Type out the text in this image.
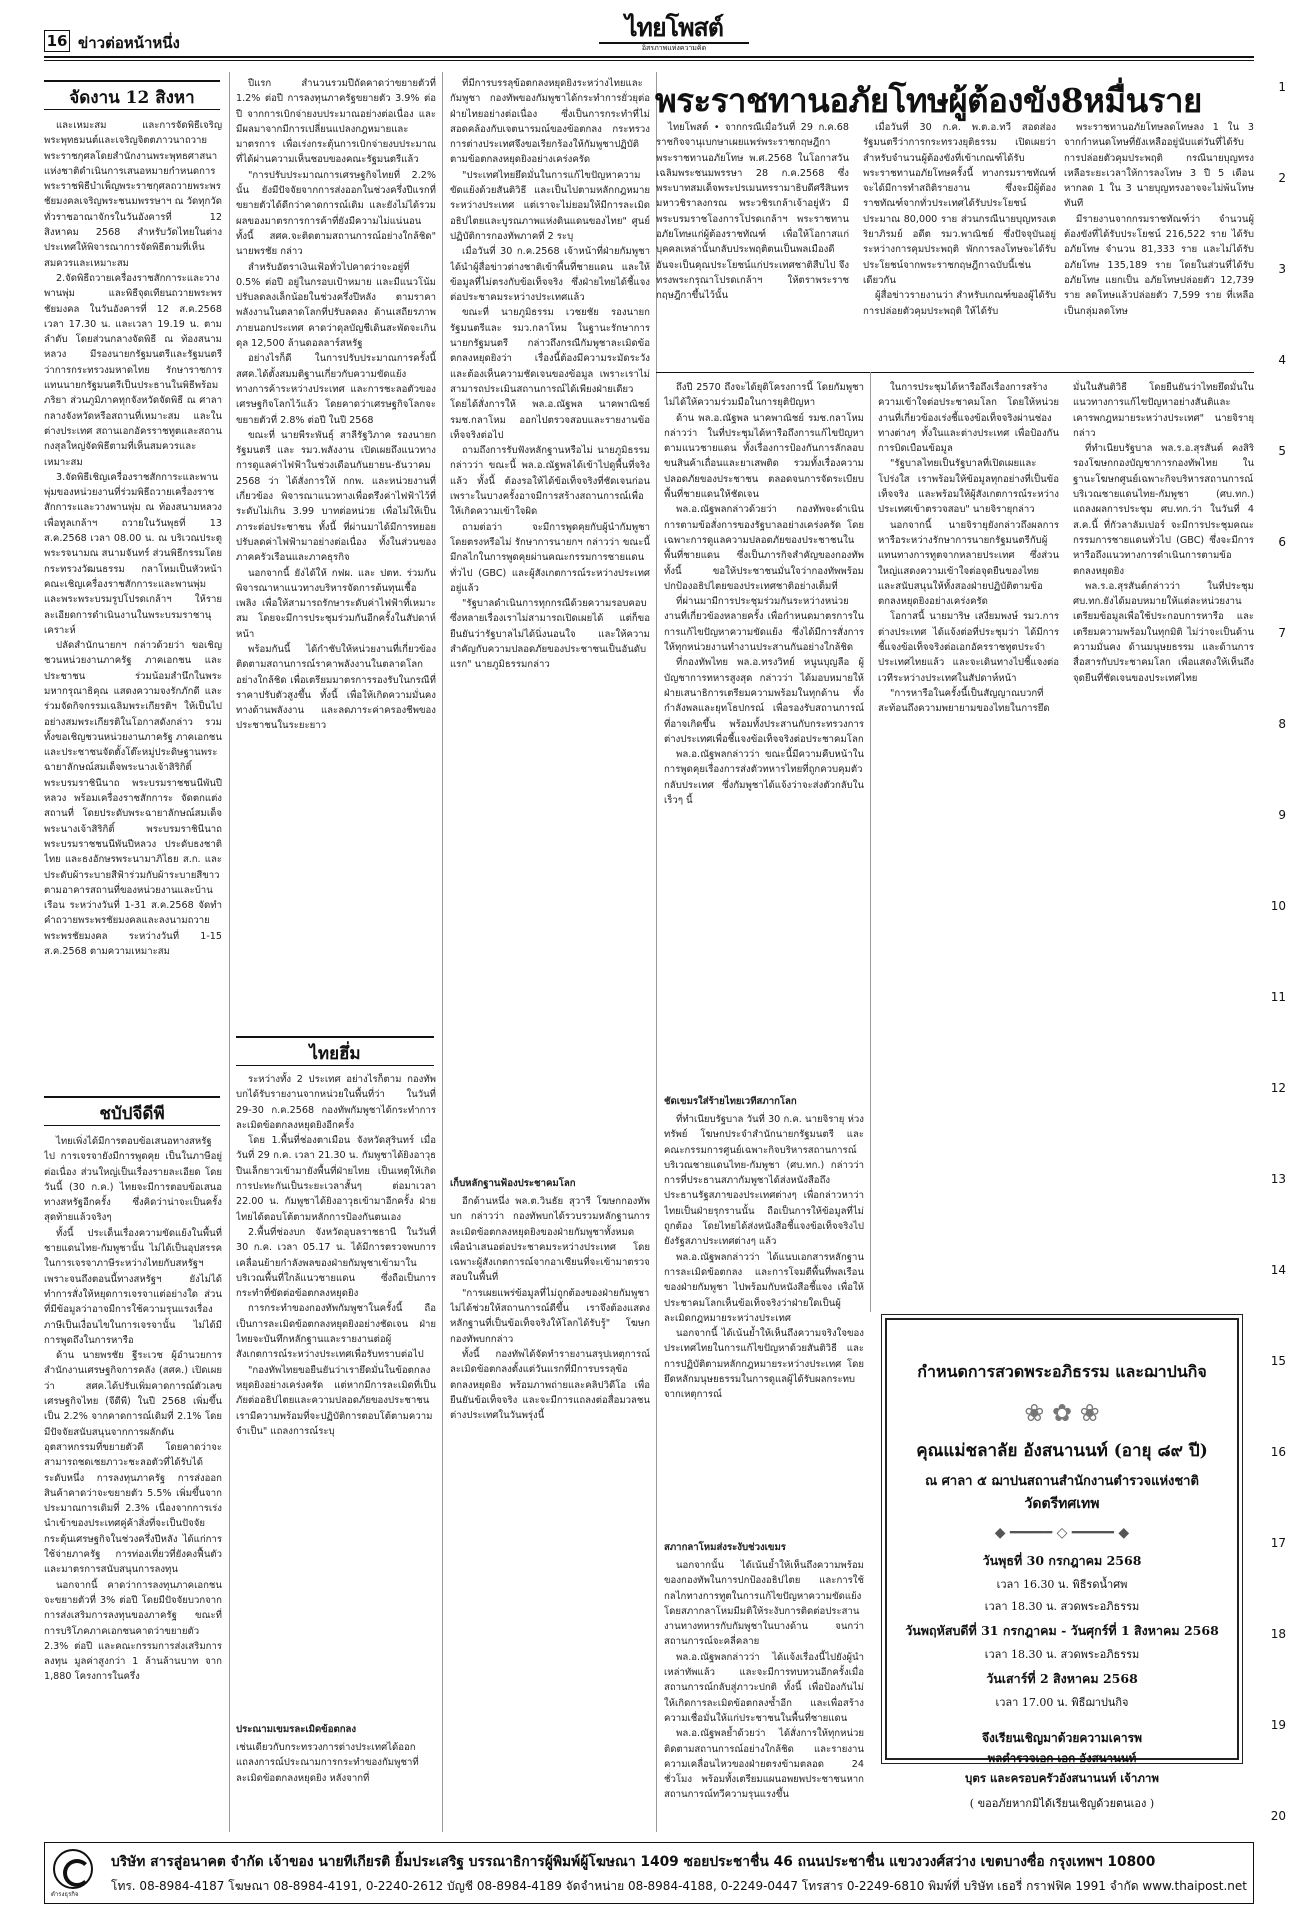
16 ข่าวต่อหน้าหนึ่ง
ไทยโพสต์
อิสรภาพแห่งความคิด
1
2
3
4
5
6
7
8
9
10
11
12
13
14
15
16
17
18
19
20
จัดงาน 12 สิงหา

และเหมะสม และการจัดพิธีเจริญพระพุทธมนต์และเจริญจิตตภาวนาถวายพระราชกุศลโดยสำนักงานพระพุทธศาสนาแห่งชาติดำเนินการเสนอหมายกำหนดการพระราชพิธีบำเพ็ญพระราชกุศลถวายพระพรชัยมงคลเจริญพระชนมพรรษาฯ ณ วัดทุกวัดทั่วราชอาณาจักรในวันอังคารที่ 12 สิงหาคม 2568 สำหรับวัดไทยในต่างประเทศให้พิจารณาการจัดพิธีตามที่เห็นสมควรและเหมาะสม

2.จัดพิธีถวายเครื่องราชสักการะและวางพานพุ่ม และพิธีจุดเทียนถวายพระพรชัยมงคล ในวันอังคารที่ 12 ส.ค.2568 เวลา 17.30 น. และเวลา 19.19 น. ตามลำดับ โดยส่วนกลางจัดพิธี ณ ท้องสนามหลวง มีรองนายกรัฐมนตรีและรัฐมนตรีว่าการกระทรวงมหาดไทย รักษาราชการแทนนายกรัฐมนตรีเป็นประธานในพิธีพร้อมภริยา ส่วนภูมิภาคทุกจังหวัดจัดพิธี ณ ศาลากลางจังหวัดหรือสถานที่เหมาะสม และในต่างประเทศ สถานเอกอัครราชทูตและสถานกงสุลใหญ่จัดพิธีตามที่เห็นสมควรและเหมาะสม

3.จัดพิธีเชิญเครื่องราชสักการะและพานพุ่มของหน่วยงานที่ร่วมพิธีถวายเครื่องราชสักการะและวางพานพุ่ม ณ ท้องสนามหลวง เพื่อทูลเกล้าฯ ถวายในวันพุธที่ 13 ส.ค.2568 เวลา 08.00 น. ณ บริเวณประตูพระรจนามณ สนามจันทร์ ส่วนพิธีกรรมโดยกระทรวงวัฒนธรรม กลาโหมเป็นหัวหน้าคณะเชิญเครื่องราชสักการะและพานพุ่ม และพระพระบรมรูปโปรดเกล้าฯ ให้รายละเอียดการดำเนินงานในพระบรมราชานุเคราะห์

ปลัดสำนักนายกฯ กล่าวด้วยว่า ขอเชิญชวนหน่วยงานภาครัฐ ภาคเอกชน และประชาชน ร่วมน้อมสำนึกในพระมหากรุณาธิคุณ แสดงความจงรักภักดี และร่วมจัดกิจกรรมเฉลิมพระเกียรติฯ ให้เป็นไปอย่างสมพระเกียรติในโอกาสดังกล่าว รวมทั้งขอเชิญชวนหน่วยงานภาครัฐ ภาคเอกชน และประชาชนจัดตั้งโต๊ะหมู่ประดิษฐานพระฉายาลักษณ์สมเด็จพระนางเจ้าสิริกิติ์ พระบรมราชินีนาถ พระบรมราชชนนีพันปีหลวง พร้อมเครื่องราชสักการะ จัดตกแต่งสถานที่ โดยประดับพระฉายาลักษณ์สมเด็จพระนางเจ้าสิริกิติ์ พระบรมราชินีนาถ พระบรมราชชนนีพันปีหลวง ประดับธงชาติไทย และธงอักษรพระนามาภิไธย ส.ก. และประดับผ้าระบายสีฟ้าร่วมกับผ้าระบายสีขาว ตามอาคารสถานที่ของหน่วยงานและบ้านเรือน ระหว่างวันที่ 1-31 ส.ค.2568 จัดทำคำถวายพระพรชัยมงคลและลงนามถวายพระพรชัยมงคล ระหว่างวันที่ 1-15 ส.ค.2568 ตามความเหมาะสม

ชบัปจีดีพี

ไทยเพิ่งได้มีการตอบข้อเสนอทางสหรัฐไป การเจรจายังมีการพูดคุย เป็นในภาษีอยู่ต่อเนื่อง ส่วนใหญ่เป็นเรื่องรายละเอียด โดยวันนี้ (30 ก.ค.) ไทยจะมีการตอบข้อเสนอทางสหรัฐอีกครั้ง ซึ่งคิดว่าน่าจะเป็นครั้งสุดท้ายแล้วจริงๆ

ทั้งนี้ ประเด็นเรื่องความขัดแย้งในพื้นที่ชายแดนไทย-กัมพูชานั้น ไม่ได้เป็นอุปสรรคในการเจรจาภาษีระหว่างไทยกับสหรัฐฯ เพราะจนถึงตอนนี้ทางสหรัฐฯ ยังไม่ได้ทำการสั่งให้หยุดการเจรจาแต่อย่างใด ส่วนที่มีข้อมูลว่าอาจมีการใช้ความรุนแรงเรื่องภาษีเป็นเงื่อนไขในการเจรจานั้น ไม่ได้มีการพูดถึงในการหารือ

ด้าน นายพรชัย ฐีระเวช ผู้อำนวยการสำนักงานเศรษฐกิจการคลัง (สศค.) เปิดเผยว่า สศค.ได้ปรับเพิ่มคาดการณ์ตัวเลขเศรษฐกิจไทย (จีดีพี) ในปี 2568 เพิ่มขึ้นเป็น 2.2% จากคาดการณ์เดิมที่ 2.1% โดยมีปัจจัยสนับสนุนจากการผลักดันอุตสาหกรรมที่ขยายตัวดี โดยคาดว่าจะสามารถชดเชยภาวะชะลอตัวที่ได้รับได้ระดับหนึ่ง การลงทุนภาครัฐ การส่งออกสินค้าคาดว่าจะขยายตัว 5.5% เพิ่มขึ้นจากประมาณการเดิมที่ 2.3% เนื่องจากการเร่งนำเข้าของประเทศคู่ค้าสิ่งที่จะเป็นปัจจัยกระตุ้นเศรษฐกิจในช่วงครึ่งปีหลัง ได้แก่การใช้จ่ายภาครัฐ การท่องเที่ยวที่ยังคงฟื้นตัว และมาตรการสนับสนุนการลงทุน

นอกจากนี้ คาดว่าการลงทุนภาคเอกชนจะขยายตัวที่ 3% ต่อปี โดยมีปัจจัยบวกจากการส่งเสริมการลงทุนของภาครัฐ ขณะที่การบริโภคภาคเอกชนคาดว่าขยายตัว 2.3% ต่อปี และคณะกรรมการส่งเสริมการลงทุน มูลค่าสูงกว่า 1 ล้านล้านบาท จาก 1,880 โครงการในครึ่ง

ปีแรก สำนวนรวมปีถัดคาดว่าขยายตัวที่ 1.2% ต่อปี การลงทุนภาครัฐขยายตัว 3.9% ต่อปี จากการเบิกจ่ายงบประมาณอย่างต่อเนื่อง และมีผลมาจากมีการเปลี่ยนแปลงกฎหมายและมาตรการ เพื่อเร่งกระตุ้นการเบิกจ่ายงบประมาณ ที่ได้ผ่านความเห็นชอบของคณะรัฐมนตรีแล้ว

"การปรับประมาณการเศรษฐกิจไทยที่ 2.2% นั้น ยังมีปัจจัยจากการส่งออกในช่วงครึ่งปีแรกที่ขยายตัวได้ดีกว่าคาดการณ์เดิม และยังไม่ได้รวมผลของมาตรการการค้าที่ยังมีความไม่แน่นอน ทั้งนี้ สศค.จะติดตามสถานการณ์อย่างใกล้ชิด" นายพรชัย กล่าว

สำหรับอัตราเงินเฟ้อทั่วไปคาดว่าจะอยู่ที่ 0.5% ต่อปี อยู่ในกรอบเป้าหมาย และมีแนวโน้มปรับลดลงเล็กน้อยในช่วงครึ่งปีหลัง ตามราคาพลังงานในตลาดโลกที่ปรับลดลง ด้านเสถียรภาพภายนอกประเทศ คาดว่าดุลบัญชีเดินสะพัดจะเกินดุล 12,500 ล้านดอลลาร์สหรัฐ

อย่างไรก็ดี ในการปรับประมาณการครั้งนี้ สศค.ได้ตั้งสมมติฐานเกี่ยวกับความขัดแย้งทางการค้าระหว่างประเทศ และการชะลอตัวของเศรษฐกิจโลกไว้แล้ว โดยคาดว่าเศรษฐกิจโลกจะขยายตัวที่ 2.8% ต่อปี ในปี 2568

ขณะที่ นายพีระพันธุ์ สาลีรัฐวิภาค รองนายกรัฐมนตรี และ รมว.พลังงาน เปิดเผยถึงแนวทางการดูแลค่าไฟฟ้าในช่วงเดือนกันยายน-ธันวาคม 2568 ว่า ได้สั่งการให้ กกพ. และหน่วยงานที่เกี่ยวข้อง พิจารณาแนวทางเพื่อตรึงค่าไฟฟ้าไว้ที่ระดับไม่เกิน 3.99 บาทต่อหน่วย เพื่อไม่ให้เป็นภาระต่อประชาชน ทั้งนี้ ที่ผ่านมาได้มีการทยอยปรับลดค่าไฟฟ้ามาอย่างต่อเนื่อง ทั้งในส่วนของภาคครัวเรือนและภาคธุรกิจ

นอกจากนี้ ยังได้ให้ กฟผ. และ ปตท. ร่วมกันพิจารณาหาแนวทางบริหารจัดการต้นทุนเชื้อเพลิง เพื่อให้สามารถรักษาระดับค่าไฟฟ้าที่เหมาะสม โดยจะมีการประชุมร่วมกันอีกครั้งในสัปดาห์หน้า

พร้อมกันนี้ ได้กำชับให้หน่วยงานที่เกี่ยวข้องติดตามสถานการณ์ราคาพลังงานในตลาดโลกอย่างใกล้ชิด เพื่อเตรียมมาตรการรองรับในกรณีที่ราคาปรับตัวสูงขึ้น ทั้งนี้ เพื่อให้เกิดความมั่นคงทางด้านพลังงาน และลดภาระค่าครองชีพของประชาชนในระยะยาว

ไทยฮึ่ม

ระหว่างทั้ง 2 ประเทศ อย่างไรก็ตาม กองทัพบกได้รับรายงานจากหน่วยในพื้นที่ว่า ในวันที่ 29-30 ก.ค.2568 กองทัพกัมพูชาได้กระทำการละเมิดข้อตกลงหยุดยิงอีกครั้ง

โดย 1.พื้นที่ช่องตาเมือน จังหวัดสุรินทร์ เมื่อวันที่ 29 ก.ค. เวลา 21.30 น. กัมพูชาได้ยิงอาวุธปืนเล็กยาวเข้ามายังพื้นที่ฝ่ายไทย เป็นเหตุให้เกิดการปะทะกันเป็นระยะเวลาสั้นๆ ต่อมาเวลา 22.00 น. กัมพูชาได้ยิงอาวุธเข้ามาอีกครั้ง ฝ่ายไทยได้ตอบโต้ตามหลักการป้องกันตนเอง

2.พื้นที่ช่องบก จังหวัดอุบลราชธานี ในวันที่ 30 ก.ค. เวลา 05.17 น. ได้มีการตรวจพบการเคลื่อนย้ายกำลังพลของฝ่ายกัมพูชาเข้ามาในบริเวณพื้นที่ใกล้แนวชายแดน ซึ่งถือเป็นการกระทำที่ขัดต่อข้อตกลงหยุดยิง

การกระทำของกองทัพกัมพูชาในครั้งนี้ ถือเป็นการละเมิดข้อตกลงหยุดยิงอย่างชัดเจน ฝ่ายไทยจะบันทึกหลักฐานและรายงานต่อผู้สังเกตการณ์ระหว่างประเทศเพื่อรับทราบต่อไป

"กองทัพไทยขอยืนยันว่าเรายึดมั่นในข้อตกลงหยุดยิงอย่างเคร่งครัด แต่หากมีการละเมิดที่เป็นภัยต่ออธิปไตยและความปลอดภัยของประชาชน เรามีความพร้อมที่จะปฏิบัติการตอบโต้ตามความจำเป็น" แถลงการณ์ระบุ

ประณามเขมรละเมิดข้อตกลง
เช่นเดียวกับกระทรวงการต่างประเทศได้ออกแถลงการณ์ประณามการกระทำของกัมพูชาที่ละเมิดข้อตกลงหยุดยิง หลังจากที่

ที่มีการบรรลุข้อตกลงหยุดยิงระหว่างไทยและกัมพูชา กองทัพของกัมพูชาได้กระทำการยั่วยุต่อฝ่ายไทยอย่างต่อเนื่อง ซึ่งเป็นการกระทำที่ไม่สอดคล้องกับเจตนารมณ์ของข้อตกลง กระทรวงการต่างประเทศจึงขอเรียกร้องให้กัมพูชาปฏิบัติตามข้อตกลงหยุดยิงอย่างเคร่งครัด

"ประเทศไทยยึดมั่นในการแก้ไขปัญหาความขัดแย้งด้วยสันติวิธี และเป็นไปตามหลักกฎหมายระหว่างประเทศ แต่เราจะไม่ยอมให้มีการละเมิดอธิปไตยและบูรณภาพแห่งดินแดนของไทย" ศูนย์ปฏิบัติการกองทัพภาคที่ 2 ระบุ

เมื่อวันที่ 30 ก.ค.2568 เจ้าหน้าที่ฝ่ายกัมพูชาได้นำผู้สื่อข่าวต่างชาติเข้าพื้นที่ชายแดน และให้ข้อมูลที่ไม่ตรงกับข้อเท็จจริง ซึ่งฝ่ายไทยได้ชี้แจงต่อประชาคมระหว่างประเทศแล้ว

ขณะที่ นายภูมิธรรม เวชยชัย รองนายกรัฐมนตรีและ รมว.กลาโหม ในฐานะรักษาการนายกรัฐมนตรี กล่าวถึงกรณีกัมพูชาละเมิดข้อตกลงหยุดยิงว่า เรื่องนี้ต้องมีความระมัดระวัง และต้องเห็นความชัดเจนของข้อมูล เพราะเราไม่สามารถประเมินสถานการณ์ได้เพียงฝ่ายเดียว โดยได้สั่งการให้ พล.อ.ณัฐพล นาคพาณิชย์ รมช.กลาโหม ออกไปตรวจสอบและรายงานข้อเท็จจริงต่อไป

ถามถึงการรับฟังหลักฐานหรือไม่ นายภูมิธรรมกล่าวว่า ขณะนี้ พล.อ.ณัฐพลได้เข้าไปดูพื้นที่จริงแล้ว ทั้งนี้ ต้องรอให้ได้ข้อเท็จจริงที่ชัดเจนก่อน เพราะในบางครั้งอาจมีการสร้างสถานการณ์เพื่อให้เกิดความเข้าใจผิด

ถามต่อว่า จะมีการพูดคุยกับผู้นำกัมพูชาโดยตรงหรือไม่ รักษาการนายกฯ กล่าวว่า ขณะนี้มีกลไกในการพูดคุยผ่านคณะกรรมการชายแดนทั่วไป (GBC) และผู้สังเกตการณ์ระหว่างประเทศอยู่แล้ว

"รัฐบาลดำเนินการทุกกรณีด้วยความรอบคอบ ซึ่งหลายเรื่องเราไม่สามารถเปิดเผยได้ แต่ก็ขอยืนยันว่ารัฐบาลไม่ได้นิ่งนอนใจ และให้ความสำคัญกับความปลอดภัยของประชาชนเป็นอันดับแรก" นายภูมิธรรมกล่าว

เก็บหลักฐานฟ้องประชาคมโลก

อีกด้านหนึ่ง พล.ต.วินธัย สุวารี โฆษกกองทัพบก กล่าวว่า กองทัพบกได้รวบรวมหลักฐานการละเมิดข้อตกลงหยุดยิงของฝ่ายกัมพูชาทั้งหมด เพื่อนำเสนอต่อประชาคมระหว่างประเทศ โดยเฉพาะผู้สังเกตการณ์จากอาเซียนที่จะเข้ามาตรวจสอบในพื้นที่

"การเผยแพร่ข้อมูลที่ไม่ถูกต้องของฝ่ายกัมพูชาไม่ได้ช่วยให้สถานการณ์ดีขึ้น เราจึงต้องแสดงหลักฐานที่เป็นข้อเท็จจริงให้โลกได้รับรู้" โฆษกกองทัพบกกล่าว

ทั้งนี้ กองทัพได้จัดทำรายงานสรุปเหตุการณ์ละเมิดข้อตกลงตั้งแต่วันแรกที่มีการบรรลุข้อตกลงหยุดยิง พร้อมภาพถ่ายและคลิปวิดีโอ เพื่อยืนยันข้อเท็จจริง และจะมีการแถลงต่อสื่อมวลชนต่างประเทศในวันพรุ่งนี้

พระราชทานอภัยโทษผู้ต้องขัง8หมื่นราย

ไทยโพสต์ • จากกรณีเมื่อวันที่ 29 ก.ค.68 ราชกิจจานุเบกษาเผยแพร่พระราชกฤษฎีกาพระราชทานอภัยโทษ พ.ศ.2568 ในโอกาสวันเฉลิมพระชนมพรรษา 28 ก.ค.2568 ซึ่งพระบาทสมเด็จพระปรเมนทรรามาธิบดีศรีสินทรมหาวชิราลงกรณ พระวชิรเกล้าเจ้าอยู่หัว มีพระบรมราชโองการโปรดเกล้าฯ พระราชทานอภัยโทษแก่ผู้ต้องราชทัณฑ์ เพื่อให้โอกาสแก่บุคคลเหล่านั้นกลับประพฤติตนเป็นพลเมืองดี อันจะเป็นคุณประโยชน์แก่ประเทศชาติสืบไป จึงทรงพระกรุณาโปรดเกล้าฯ ให้ตราพระราชกฤษฎีกาขึ้นไว้นั้น

เมื่อวันที่ 30 ก.ค. พ.ต.อ.ทวี สอดส่อง รัฐมนตรีว่าการกระทรวงยุติธรรม เปิดเผยว่า สำหรับจำนวนผู้ต้องขังที่เข้าเกณฑ์ได้รับพระราชทานอภัยโทษครั้งนี้ ทางกรมราชทัณฑ์จะได้มีการทำสถิติรายงาน ซึ่งจะมีผู้ต้องราชทัณฑ์จากทั่วประเทศได้รับประโยชน์ประมาณ 80,000 ราย ส่วนกรณีนายบุญทรงเตริยาภิรมย์ อดีต รมว.พาณิชย์ ซึ่งปัจจุบันอยู่ระหว่างการคุมประพฤติ พักการลงโทษจะได้รับประโยชน์จากพระราชกฤษฎีกาฉบับนี้เช่นเดียวกัน

ผู้สื่อข่าวรายงานว่า สำหรับเกณฑ์ของผู้ได้รับการปล่อยตัวคุมประพฤติ ให้ได้รับ

พระราชทานอภัยโทษลดโทษลง 1 ใน 3 จากกำหนดโทษที่ยังเหลืออยู่นับแต่วันที่ได้รับการปล่อยตัวคุมประพฤติ กรณีนายบุญทรงเหลือระยะเวลาให้การลงโทษ 3 ปี 5 เดือน หากลด 1 ใน 3 นายบุญทรงอาจจะไม่พ้นโทษทันที

มีรายงานจากกรมราชทัณฑ์ว่า จำนวนผู้ต้องขังที่ได้รับประโยชน์ 216,522 ราย ได้รับอภัยโทษ จำนวน 81,333 ราย และไม่ได้รับอภัยโทษ 135,189 ราย โดยในส่วนที่ได้รับอภัยโทษ แยกเป็น อภัยโทษปล่อยตัว 12,739 ราย ลดโทษแล้วปล่อยตัว 7,599 ราย ที่เหลือเป็นกลุ่มลดโทษ

ถึงปี 2570 ถึงจะได้ยุติโครงการนี้ โดยกัมพูชาไม่ได้ให้ความร่วมมือในการยุติปัญหา

ด้าน พล.อ.ณัฐพล นาคพาณิชย์ รมช.กลาโหม กล่าวว่า ในที่ประชุมได้หารือถึงการแก้ไขปัญหาตามแนวชายแดน ทั้งเรื่องการป้องกันการลักลอบขนสินค้าเถื่อนและยาเสพติด รวมทั้งเรื่องความปลอดภัยของประชาชน ตลอดจนการจัดระเบียบพื้นที่ชายแดนให้ชัดเจน

พล.อ.ณัฐพลกล่าวด้วยว่า กองทัพจะดำเนินการตามข้อสั่งการของรัฐบาลอย่างเคร่งครัด โดยเฉพาะการดูแลความปลอดภัยของประชาชนในพื้นที่ชายแดน ซึ่งเป็นภารกิจสำคัญของกองทัพ ทั้งนี้ ขอให้ประชาชนมั่นใจว่ากองทัพพร้อมปกป้องอธิปไตยของประเทศชาติอย่างเต็มที่

ที่ผ่านมามีการประชุมร่วมกันระหว่างหน่วยงานที่เกี่ยวข้องหลายครั้ง เพื่อกำหนดมาตรการในการแก้ไขปัญหาความขัดแย้ง ซึ่งได้มีการสั่งการให้ทุกหน่วยงานทำงานประสานกันอย่างใกล้ชิด

ที่กองทัพไทย พล.อ.ทรงวิทย์ หนูนบุญลือ ผู้บัญชาการทหารสูงสุด กล่าวว่า ได้มอบหมายให้ฝ่ายเสนาธิการเตรียมความพร้อมในทุกด้าน ทั้งกำลังพลและยุทโธปกรณ์ เพื่อรองรับสถานการณ์ที่อาจเกิดขึ้น พร้อมทั้งประสานกับกระทรวงการต่างประเทศเพื่อชี้แจงข้อเท็จจริงต่อประชาคมโลก

พล.อ.ณัฐพลกล่าวว่า ขณะนี้มีความคืบหน้าในการพูดคุยเรื่องการส่งตัวทหารไทยที่ถูกควบคุมตัวกลับประเทศ ซึ่งกัมพูชาได้แจ้งว่าจะส่งตัวกลับในเร็วๆ นี้

ชัดเขมรใส่ร้ายไทยเวทีสภากโลก

ที่ทำเนียบรัฐบาล วันที่ 30 ก.ค. นายจิรายุ ห่วงทรัพย์ โฆษกประจำสำนักนายกรัฐมนตรี และคณะกรรมการศูนย์เฉพาะกิจบริหารสถานการณ์บริเวณชายแดนไทย-กัมพูชา (ศบ.ทก.) กล่าวว่า การที่ประธานสภากัมพูชาได้ส่งหนังสือถึงประธานรัฐสภาของประเทศต่างๆ เพื่อกล่าวหาว่าไทยเป็นฝ่ายรุกรานนั้น ถือเป็นการให้ข้อมูลที่ไม่ถูกต้อง โดยไทยได้ส่งหนังสือชี้แจงข้อเท็จจริงไปยังรัฐสภาประเทศต่างๆ แล้ว

พล.อ.ณัฐพลกล่าวว่า ได้แนบเอกสารหลักฐาน การละเมิดข้อตกลง และการโจมตีพื้นที่พลเรือนของฝ่ายกัมพูชา ไปพร้อมกับหนังสือชี้แจง เพื่อให้ประชาคมโลกเห็นข้อเท็จจริงว่าฝ่ายใดเป็นผู้ละเมิดกฎหมายระหว่างประเทศ

นอกจากนี้ ได้เน้นย้ำให้เห็นถึงความจริงใจของประเทศไทยในการแก้ไขปัญหาด้วยสันติวิธี และการปฏิบัติตามหลักกฎหมายระหว่างประเทศ โดยยึดหลักมนุษยธรรมในการดูแลผู้ได้รับผลกระทบจากเหตุการณ์

สภากลาโหมส่งระงับช่วงเขมร

นอกจากนั้น ได้เน้นย้ำให้เห็นถึงความพร้อมของกองทัพในการปกป้องอธิปไตย และการใช้กลไกทางการทูตในการแก้ไขปัญหาความขัดแย้ง โดยสภากลาโหมมีมติให้ระงับการติดต่อประสานงานทางทหารกับกัมพูชาในบางด้าน จนกว่าสถานการณ์จะคลี่คลาย

พล.อ.ณัฐพลกล่าวว่า ได้แจ้งเรื่องนี้ไปยังผู้นำเหล่าทัพแล้ว และจะมีการทบทวนอีกครั้งเมื่อสถานการณ์กลับสู่ภาวะปกติ ทั้งนี้ เพื่อป้องกันไม่ให้เกิดการละเมิดข้อตกลงซ้ำอีก และเพื่อสร้างความเชื่อมั่นให้แก่ประชาชนในพื้นที่ชายแดน

พล.อ.ณัฐพลย้ำด้วยว่า ได้สั่งการให้ทุกหน่วยติดตามสถานการณ์อย่างใกล้ชิด และรายงานความเคลื่อนไหวของฝ่ายตรงข้ามตลอด 24 ชั่วโมง พร้อมทั้งเตรียมแผนอพยพประชาชนหากสถานการณ์ทวีความรุนแรงขึ้น

ในการประชุมได้หารือถึงเรื่องการสร้างความเข้าใจต่อประชาคมโลก โดยให้หน่วยงานที่เกี่ยวข้องเร่งชี้แจงข้อเท็จจริงผ่านช่องทางต่างๆ ทั้งในและต่างประเทศ เพื่อป้องกันการบิดเบือนข้อมูล

"รัฐบาลไทยเป็นรัฐบาลที่เปิดเผยและโปร่งใส เราพร้อมให้ข้อมูลทุกอย่างที่เป็นข้อเท็จจริง และพร้อมให้ผู้สังเกตการณ์ระหว่างประเทศเข้าตรวจสอบ" นายจิรายุกล่าว

นอกจากนี้ นายจิรายุยังกล่าวถึงผลการหารือระหว่างรักษาการนายกรัฐมนตรีกับผู้แทนทางการทูตจากหลายประเทศ ซึ่งส่วนใหญ่แสดงความเข้าใจต่อจุดยืนของไทย และสนับสนุนให้ทั้งสองฝ่ายปฏิบัติตามข้อตกลงหยุดยิงอย่างเคร่งครัด

โอกาสนี้ นายมาริษ เสงี่ยมพงษ์ รมว.การต่างประเทศ ได้แจ้งต่อที่ประชุมว่า ได้มีการชี้แจงข้อเท็จจริงต่อเอกอัครราชทูตประจำประเทศไทยแล้ว และจะเดินทางไปชี้แจงต่อเวทีระหว่างประเทศในสัปดาห์หน้า

"การหารือในครั้งนี้เป็นสัญญาณบวกที่สะท้อนถึงความพยายามของไทยในการยึดมั่นในสันติวิธี โดยยืนยันว่าไทยยึดมั่นในแนวทางการแก้ไขปัญหาอย่างสันติและเคารพกฎหมายระหว่างประเทศ" นายจิรายุกล่าว

ที่ทำเนียบรัฐบาล พล.ร.อ.สุรสันต์ คงสิริ รองโฆษกกองบัญชาการกองทัพไทย ในฐานะโฆษกศูนย์เฉพาะกิจบริหารสถานการณ์บริเวณชายแดนไทย-กัมพูชา (ศบ.ทก.) แถลงผลการประชุม ศบ.ทก.ว่า ในวันที่ 4 ส.ค.นี้ ที่กัวลาลัมเปอร์ จะมีการประชุมคณะกรรมการชายแดนทั่วไป (GBC) ซึ่งจะมีการหารือถึงแนวทางการดำเนินการตามข้อตกลงหยุดยิง

พล.ร.อ.สุรสันต์กล่าวว่า ในที่ประชุม ศบ.ทก.ยังได้มอบหมายให้แต่ละหน่วยงานเตรียมข้อมูลเพื่อใช้ประกอบการหารือ และเตรียมความพร้อมในทุกมิติ ไม่ว่าจะเป็นด้านความมั่นคง ด้านมนุษยธรรม และด้านการสื่อสารกับประชาคมโลก เพื่อแสดงให้เห็นถึงจุดยืนที่ชัดเจนของประเทศไทย

กำหนดการสวดพระอภิธรรม และฌาปนกิจ
❀ ✿ ❀
คุณแม่ชลาลัย อังสนานนท์ (อายุ ๘๙ ปี)
ณ ศาลา ๕ ฌาปนสถานสำนักงานตำรวจแห่งชาติ
วัดตรีทศเทพ
◆ ━━━━━ ◇ ━━━━━ ◆
วันพุธที่ 30 กรกฎาคม 2568
เวลา 16.30 น. พิธีรดน้ำศพ
เวลา 18.30 น. สวดพระอภิธรรม
วันพฤหัสบดีที่ 31 กรกฎาคม - วันศุกร์ที่ 1 สิงหาคม 2568
เวลา 18.30 น. สวดพระอภิธรรม
วันเสาร์ที่ 2 สิงหาคม 2568
เวลา 17.00 น. พิธีฌาปนกิจ
จึงเรียนเชิญมาด้วยความเคารพ
พลตำรวจเอก เอก อังสนานนท์
บุตร และครอบครัวอังสนานนท์ เจ้าภาพ
( ขออภัยหากมิได้เรียนเชิญด้วยตนเอง )
ดำรงธุรกิจ
บริษัท สารสู่อนาคต จำกัด เจ้าของ นายทีเกียรติ ยิ้มประเสริฐ บรรณาธิการผู้พิมพ์ผู้โฆษณา 1409 ซอยประชาชื่น 46 ถนนประชาชื่น แขวงวงศ์สว่าง เขตบางซื่อ กรุงเทพฯ 10800
โทร. 08-8984-4187 โฆษณา 08-8984-4191, 0-2240-2612 บัญชี 08-8984-4189 จัดจำหน่าย 08-8984-4188, 0-2249-0447 โทรสาร 0-2249-6810 พิมพ์ที่ บริษัท เธอรี่ กราฟฟิค 1991 จำกัด www.thaipost.net
